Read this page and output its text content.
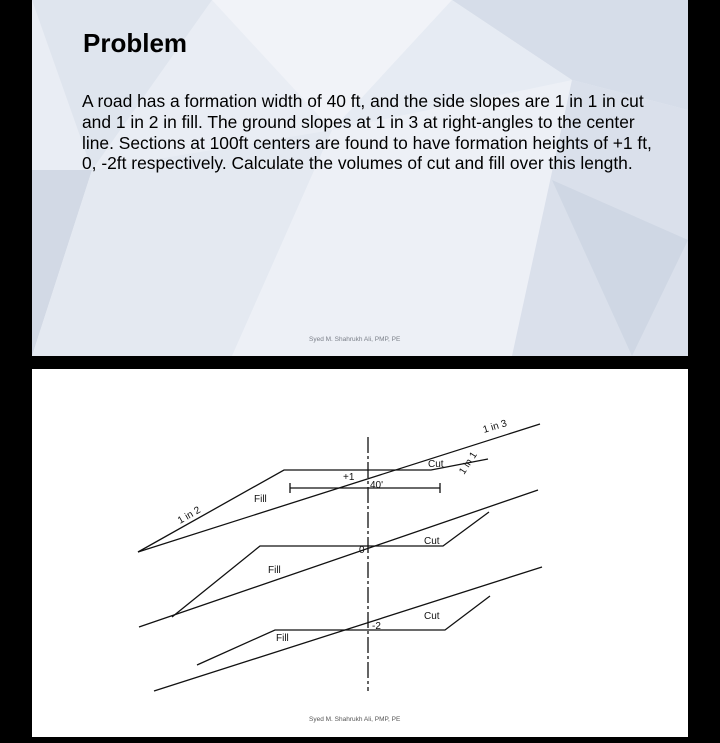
Problem

A road has a formation width of 40 ft, and the side slopes are 1 in 1 in cut and 1 in 2 in fill. The ground slopes at 1 in 3 at right-angles to the center line. Sections at 100ft centers are found to have formation heights of +1 ft, 0, -2ft respectively. Calculate the volumes of cut and fill over this length.

Syed M. Shahrukh Ali, PMP, PE
1 in 3
1 in 1
1 in 2
40'
+1
0
-2
Cut
Cut
Cut
Fill
Fill
Fill
Syed M. Shahrukh Ali, PMP, PE
